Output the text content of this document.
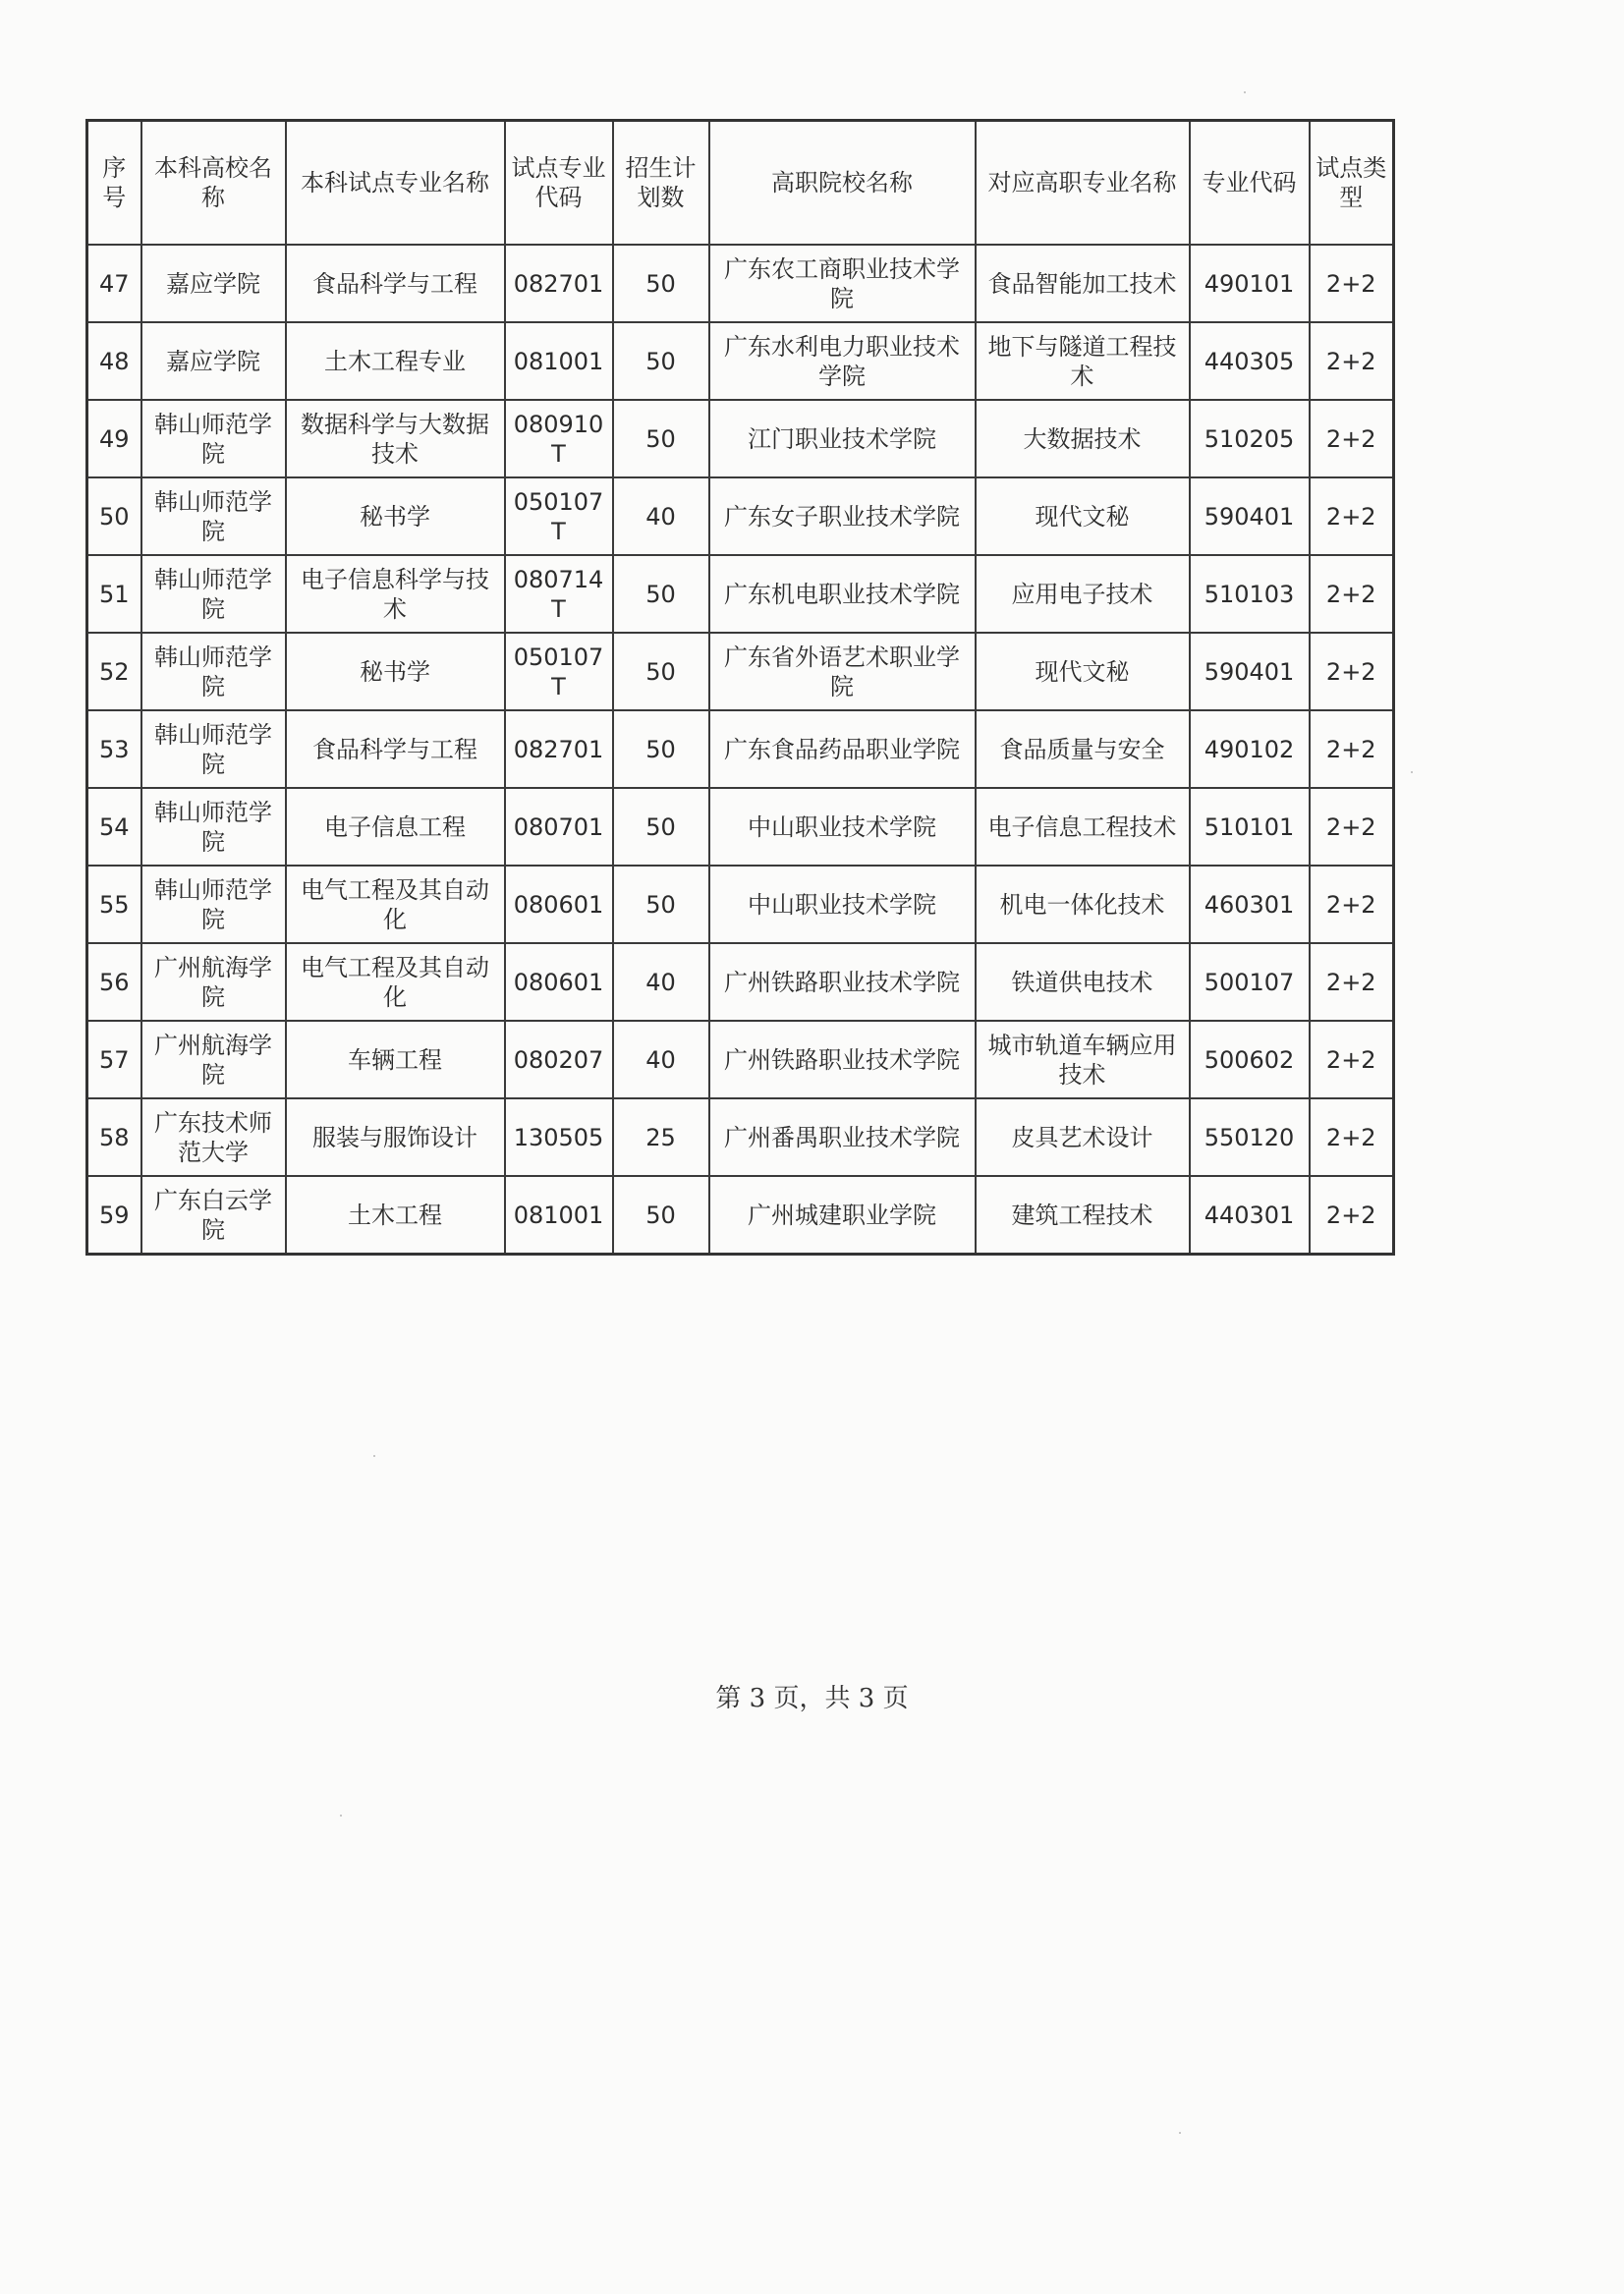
序号	本科高校名称	本科试点专业名称	试点专业代码	招生计划数	高职院校名称	对应高职专业名称	专业代码	试点类型
47	嘉应学院	食品科学与工程	082701	50	广东农工商职业技术学院	食品智能加工技术	490101	2+2
48	嘉应学院	土木工程专业	081001	50	广东水利电力职业技术学院	地下与隧道工程技术	440305	2+2
49	韩山师范学院	数据科学与大数据技术	080910T	50	江门职业技术学院	大数据技术	510205	2+2
50	韩山师范学院	秘书学	050107T	40	广东女子职业技术学院	现代文秘	590401	2+2
51	韩山师范学院	电子信息科学与技术	080714T	50	广东机电职业技术学院	应用电子技术	510103	2+2
52	韩山师范学院	秘书学	050107T	50	广东省外语艺术职业学院	现代文秘	590401	2+2
53	韩山师范学院	食品科学与工程	082701	50	广东食品药品职业学院	食品质量与安全	490102	2+2
54	韩山师范学院	电子信息工程	080701	50	中山职业技术学院	电子信息工程技术	510101	2+2
55	韩山师范学院	电气工程及其自动化	080601	50	中山职业技术学院	机电一体化技术	460301	2+2
56	广州航海学院	电气工程及其自动化	080601	40	广州铁路职业技术学院	铁道供电技术	500107	2+2
57	广州航海学院	车辆工程	080207	40	广州铁路职业技术学院	城市轨道车辆应用技术	500602	2+2
58	广东技术师范大学	服装与服饰设计	130505	25	广州番禺职业技术学院	皮具艺术设计	550120	2+2
59	广东白云学院	土木工程	081001	50	广州城建职业学院	建筑工程技术	440301	2+2
第 3 页，共 3 页
